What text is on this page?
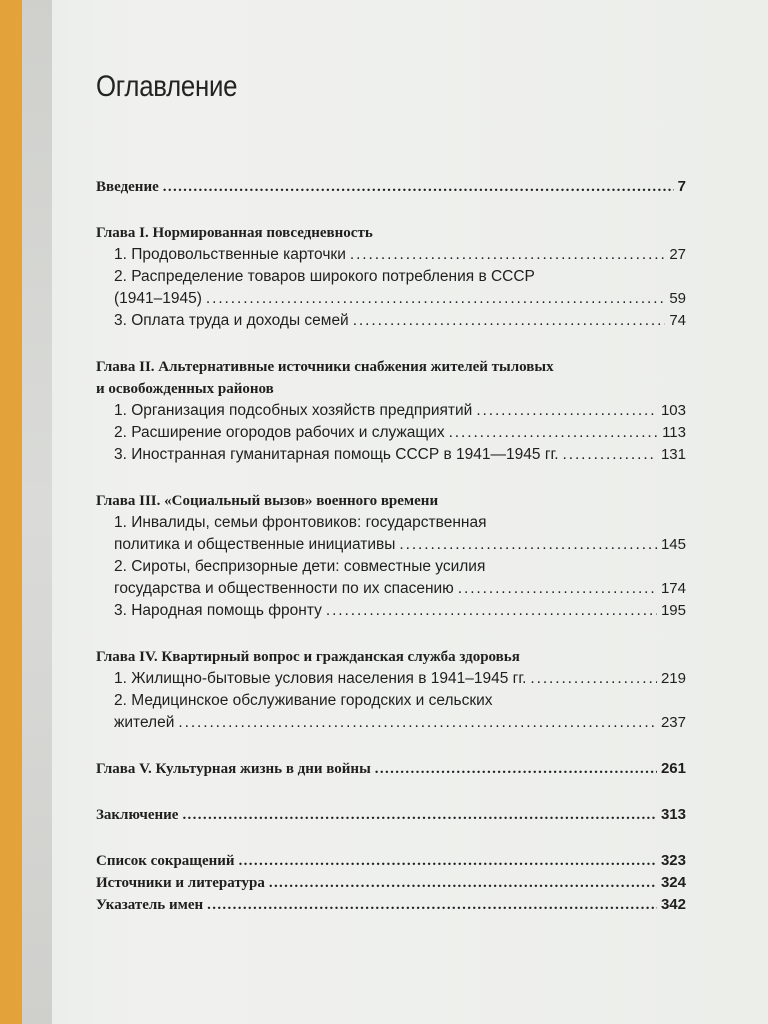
Оглавление
Введение . . .	7
Глава I. Нормированная повседневность
1. Продовольственные карточки . . .	27
2. Распределение товаров широкого потребления в СССР
(1941–1945) . . .	59
3. Оплата труда и доходы семей . . .	74
Глава II. Альтернативные источники снабжения жителей тыловых
и освобожденных районов
1. Организация подсобных хозяйств предприятий . . .	103
2. Расширение огородов рабочих и служащих . . .	113
3. Иностранная гуманитарная помощь СССР в 1941—1945 гг. . . .	131
Глава III. «Социальный вызов» военного времени
1. Инвалиды, семьи фронтовиков: государственная
политика и общественные инициативы . . .	145
2. Сироты, беспризорные дети: совместные усилия
государства и общественности по их спасению . . .	174
3. Народная помощь фронту . . .	195
Глава IV. Квартирный вопрос и гражданская служба здоровья
1. Жилищно-бытовые условия населения в 1941–1945 гг. . . .	219
2. Медицинское обслуживание городских и сельских
жителей . . .	237
Глава V. Культурная жизнь в дни войны . . .	261
Заключение . . .	313
Список сокращений . . .	323
Источники и литература . . .	324
Указатель имен . . .	342
